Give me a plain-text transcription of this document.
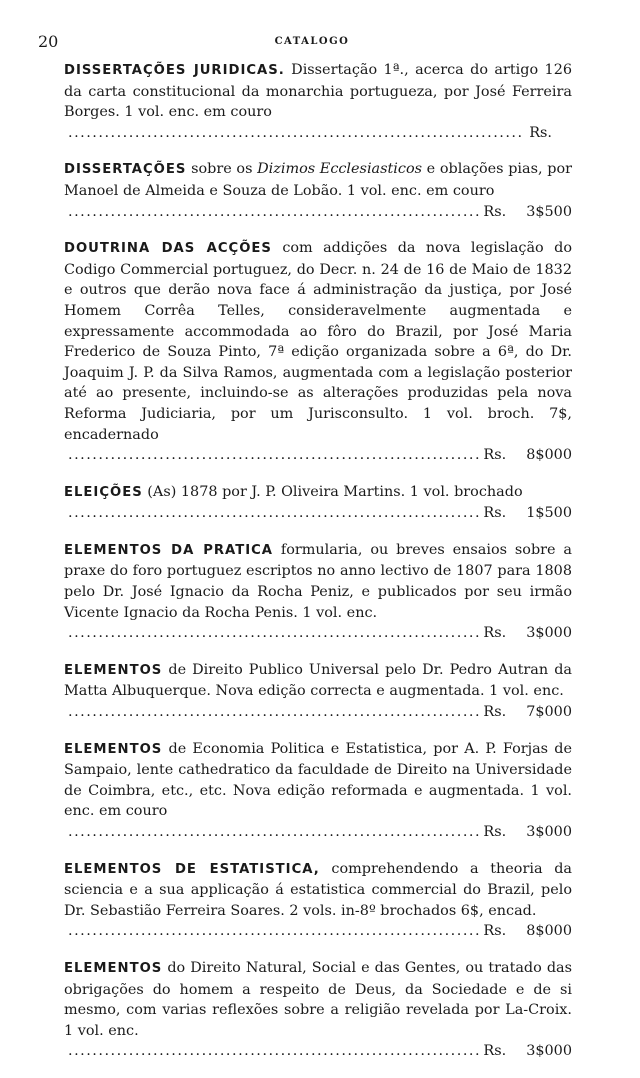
20	CATALOGO

DISSERTAÇÕES JURIDICAS. Dissertação 1ª., acerca do artigo 126 da carta constitucional da monarchia portugueza, por José Ferreira Borges. 1 vol. enc. em couro

.....
Rs.

DISSERTAÇÕES sobre os Dizimos Ecclesiasticos e oblações pias, por Manoel de Almeida e Souza de Lobão. 1 vol. enc. em couro

.....
Rs. 3$500

DOUTRINA DAS ACÇÕES com addições da nova legislação do Codigo Commercial portuguez, do Decr. n. 24 de 16 de Maio de 1832 e outros que derão nova face á administração da justiça, por José Homem Corrêa Telles, consideravelmente augmentada e expressamente accommodada ao fôro do Brazil, por José Maria Frederico de Souza Pinto, 7ª edição organizada sobre a 6ª, do Dr. Joaquim J. P. da Silva Ramos, augmentada com a legislação posterior até ao presente, incluindo-se as alterações produzidas pela nova Reforma Judiciaria, por um Jurisconsulto. 1 vol. broch. 7$, encadernado

.....
Rs. 8$000

ELEIÇÕES (As) 1878 por J. P. Oliveira Martins. 1 vol. brochado

.....
Rs. 1$500

ELEMENTOS DA PRATICA formularia, ou breves ensaios sobre a praxe do foro portuguez escriptos no anno lectivo de 1807 para 1808 pelo Dr. José Ignacio da Rocha Peniz, e publicados por seu irmão Vicente Ignacio da Rocha Penis. 1 vol. enc.

.....
Rs. 3$000

ELEMENTOS de Direito Publico Universal pelo Dr. Pedro Autran da Matta Albuquerque. Nova edição correcta e augmentada. 1 vol. enc.

.....
Rs. 7$000

ELEMENTOS de Economia Politica e Estatistica, por A. P. Forjas de Sampaio, lente cathedratico da faculdade de Direito na Universidade de Coimbra, etc., etc. Nova edição reformada e augmentada. 1 vol. enc. em couro

.....
Rs. 3$000

ELEMENTOS DE ESTATISTICA, comprehendendo a theoria da sciencia e a sua applicação á estatistica commercial do Brazil, pelo Dr. Sebastião Ferreira Soares. 2 vols. in-8º brochados 6$, encad.

.....
Rs. 8$000

ELEMENTOS do Direito Natural, Social e das Gentes, ou tratado das obrigações do homem a respeito de Deus, da Sociedade e de si mesmo, com varias reflexões sobre a religião revelada por La-Croix. 1 vol. enc.

.....
Rs. 3$000
